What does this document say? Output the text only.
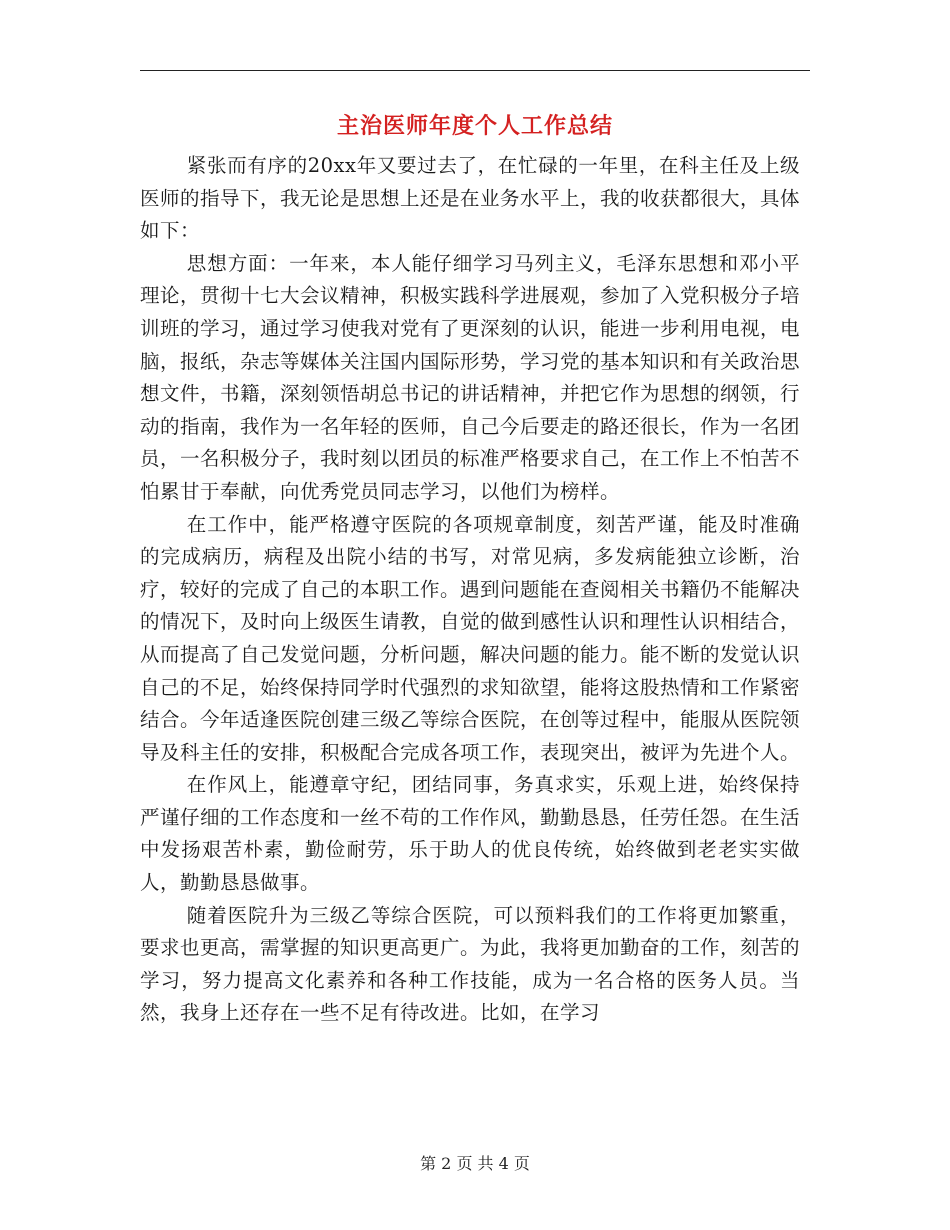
主治医师年度个人工作总结

紧张而有序的20xx年又要过去了，在忙碌的一年里，在科主任及上级医师的指导下，我无论是思想上还是在业务水平上，我的收获都很大，具体如下：

思想方面：一年来，本人能仔细学习马列主义，毛泽东思想和邓小平理论，贯彻十七大会议精神，积极实践科学进展观，参加了入党积极分子培训班的学习，通过学习使我对党有了更深刻的认识，能进一步利用电视，电脑，报纸，杂志等媒体关注国内国际形势，学习党的基本知识和有关政治思想文件，书籍，深刻领悟胡总书记的讲话精神，并把它作为思想的纲领，行动的指南，我作为一名年轻的医师，自己今后要走的路还很长，作为一名团员，一名积极分子，我时刻以团员的标准严格要求自己，在工作上不怕苦不怕累甘于奉献，向优秀党员同志学习，以他们为榜样。

在工作中，能严格遵守医院的各项规章制度，刻苦严谨，能及时准确的完成病历，病程及出院小结的书写，对常见病，多发病能独立诊断，治疗，较好的完成了自己的本职工作。遇到问题能在查阅相关书籍仍不能解决的情况下，及时向上级医生请教，自觉的做到感性认识和理性认识相结合，从而提高了自己发觉问题，分析问题，解决问题的能力。能不断的发觉认识自己的不足，始终保持同学时代强烈的求知欲望，能将这股热情和工作紧密结合。今年适逢医院创建三级乙等综合医院，在创等过程中，能服从医院领导及科主任的安排，积极配合完成各项工作，表现突出，被评为先进个人。

在作风上，能遵章守纪，团结同事，务真求实，乐观上进，始终保持严谨仔细的工作态度和一丝不苟的工作作风，勤勤恳恳，任劳任怨。在生活中发扬艰苦朴素，勤俭耐劳，乐于助人的优良传统，始终做到老老实实做人，勤勤恳恳做事。

随着医院升为三级乙等综合医院，可以预料我们的工作将更加繁重，要求也更高，需掌握的知识更高更广。为此，我将更加勤奋的工作，刻苦的学习，努力提高文化素养和各种工作技能，成为一名合格的医务人员。当然，我身上还存在一些不足有待改进。比如，在学习

第 2 页 共 4 页
